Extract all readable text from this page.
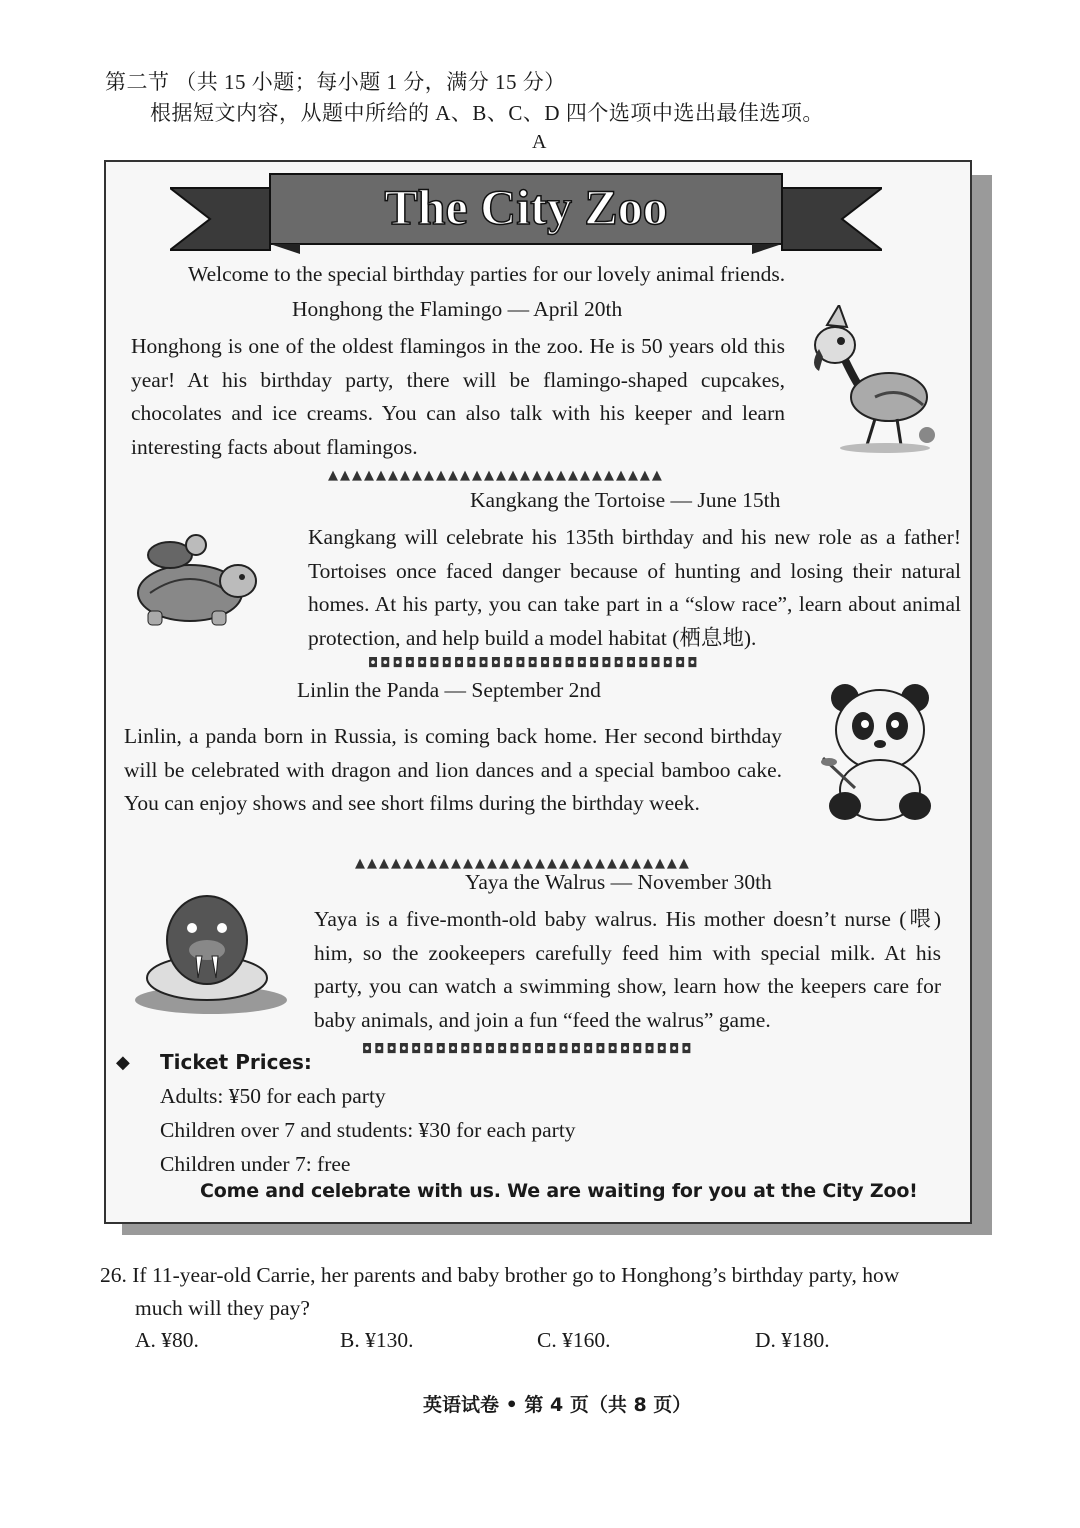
第二节 （共 15 小题；每小题 1 分，满分 15 分）
根据短文内容，从题中所给的 A、B、C、D 四个选项中选出最佳选项。
A
The City Zoo
Welcome to the special birthday parties for our lovely animal friends.
Honghong the Flamingo — April 20th
Honghong is one of the oldest flamingos in the zoo. He is 50 years old this year! At his birthday party, there will be flamingo-shaped cupcakes, chocolates and ice creams. You can also talk with his keeper and learn interesting facts about flamingos.
▲▲▲▲▲▲▲▲▲▲▲▲▲▲▲▲▲▲▲▲▲▲▲▲▲▲▲▲
Kangkang the Tortoise — June 15th
Kangkang will celebrate his 135th birthday and his new role as a father! Tortoises once faced danger because of hunting and losing their natural homes. At his party, you can take part in a “slow race”, learn about animal protection, and help build a model habitat (栖息地).
◘◘◘◘◘◘◘◘◘◘◘◘◘◘◘◘◘◘◘◘◘◘◘◘◘◘◘
Linlin the Panda — September 2nd
Linlin, a panda born in Russia, is coming back home. Her second birthday will be celebrated with dragon and lion dances and a special bamboo cake. You can enjoy shows and see short films during the birthday week.
▲▲▲▲▲▲▲▲▲▲▲▲▲▲▲▲▲▲▲▲▲▲▲▲▲▲▲▲
Yaya the Walrus — November 30th
Yaya is a five-month-old baby walrus. His mother doesn’t nurse (喂) him, so the zookeepers carefully feed him with special milk. At his party, you can watch a swimming show, learn how the keepers care for baby animals, and join a fun “feed the walrus” game.
◘◘◘◘◘◘◘◘◘◘◘◘◘◘◘◘◘◘◘◘◘◘◘◘◘◘◘
◆ Ticket Prices:
Adults: ¥50 for each party
Children over 7 and students: ¥30 for each party
Children under 7: free
Come and celebrate with us. We are waiting for you at the City Zoo!
26. If 11-year-old Carrie, her parents and baby brother go to Honghong’s birthday party, how
much will they pay?
A. ¥80.	B. ¥130.	C. ¥160.	D. ¥180.
英语试卷 • 第 4 页（共 8 页）
